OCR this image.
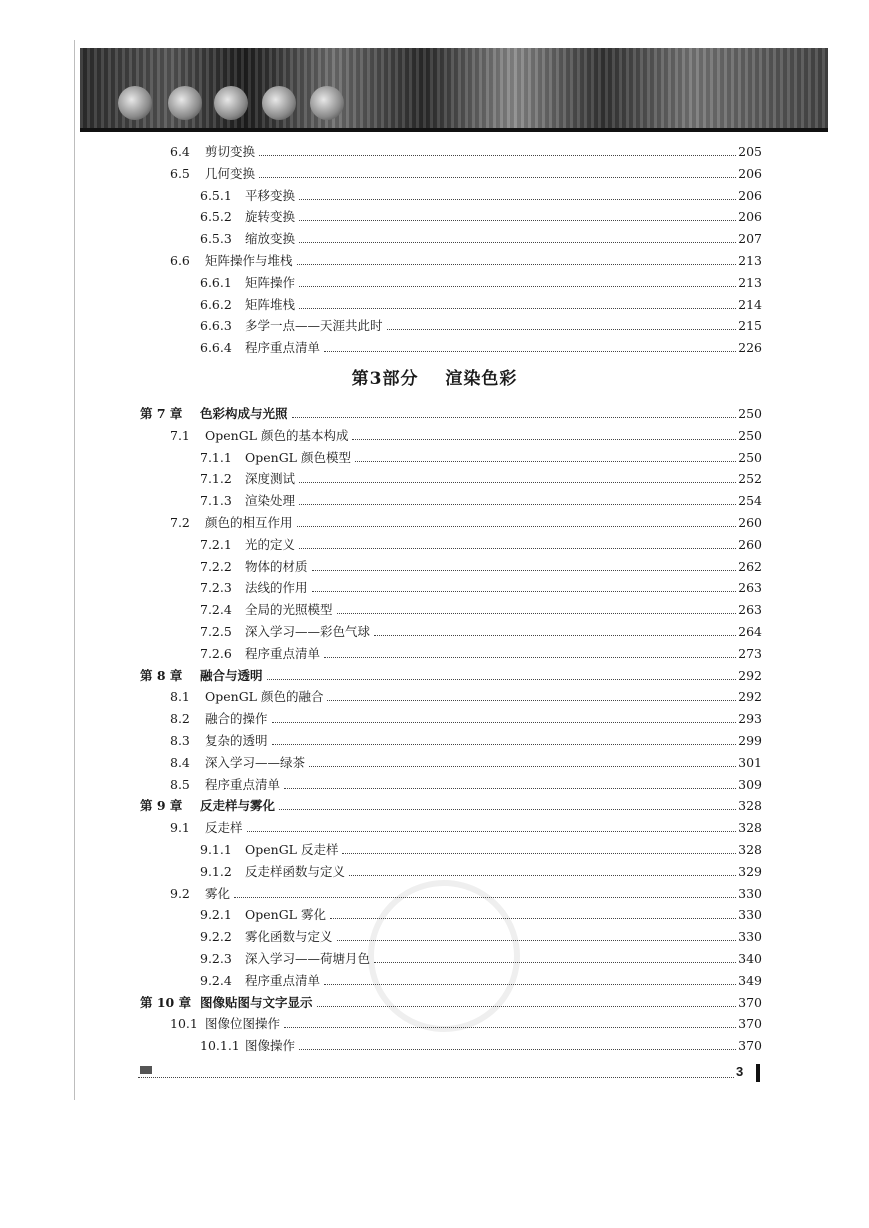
第3部分 渲染色彩
6.4	剪切变换	205
6.5	几何变换	206
6.5.1	平移变换	206
6.5.2	旋转变换	206
6.5.3	缩放变换	207
6.6	矩阵操作与堆栈	213
6.6.1	矩阵操作	213
6.6.2	矩阵堆栈	214
6.6.3	多学一点——天涯共此时	215
6.6.4	程序重点清单	226
第 7 章	色彩构成与光照	250
7.1	OpenGL 颜色的基本构成	250
7.1.1	OpenGL 颜色模型	250
7.1.2	深度测试	252
7.1.3	渲染处理	254
7.2	颜色的相互作用	260
7.2.1	光的定义	260
7.2.2	物体的材质	262
7.2.3	法线的作用	263
7.2.4	全局的光照模型	263
7.2.5	深入学习——彩色气球	264
7.2.6	程序重点清单	273
第 8 章	融合与透明	292
8.1	OpenGL 颜色的融合	292
8.2	融合的操作	293
8.3	复杂的透明	299
8.4	深入学习——绿茶	301
8.5	程序重点清单	309
第 9 章	反走样与雾化	328
9.1	反走样	328
9.1.1	OpenGL 反走样	328
9.1.2	反走样函数与定义	329
9.2	雾化	330
9.2.1	OpenGL 雾化	330
9.2.2	雾化函数与定义	330
9.2.3	深入学习——荷塘月色	340
9.2.4	程序重点清单	349
第 10 章 图像贴图与文字显示	370
10.1 图像位图操作	370
10.1.1 图像操作	370
3
